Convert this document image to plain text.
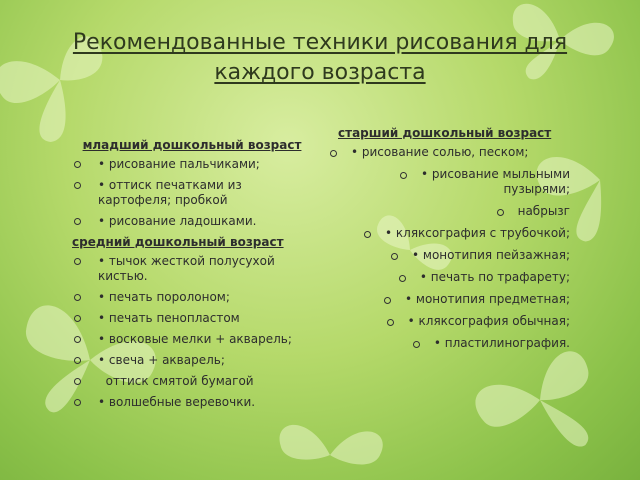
Рекомендованные техники рисования для каждого возраста
младший дошкольный возраст
• рисование пальчиками;
• оттиск печатками из картофеля; пробкой
• рисование ладошками.
средний дошкольный возраст
• тычок жесткой полусухой кистью.
• печать поролоном;
• печать пенопластом
• восковые мелки + акварель;
• свеча + акварель;
оттиск смятой бумагой
• волшебные веревочки.
старший дошкольный возраст
• рисование солью, песком;
• рисование мыльными пузырями;
набрызг
• кляксография с трубочкой;
• монотипия пейзажная;
• печать по трафарету;
• монотипия предметная;
• кляксография обычная;
• пластилинография.
